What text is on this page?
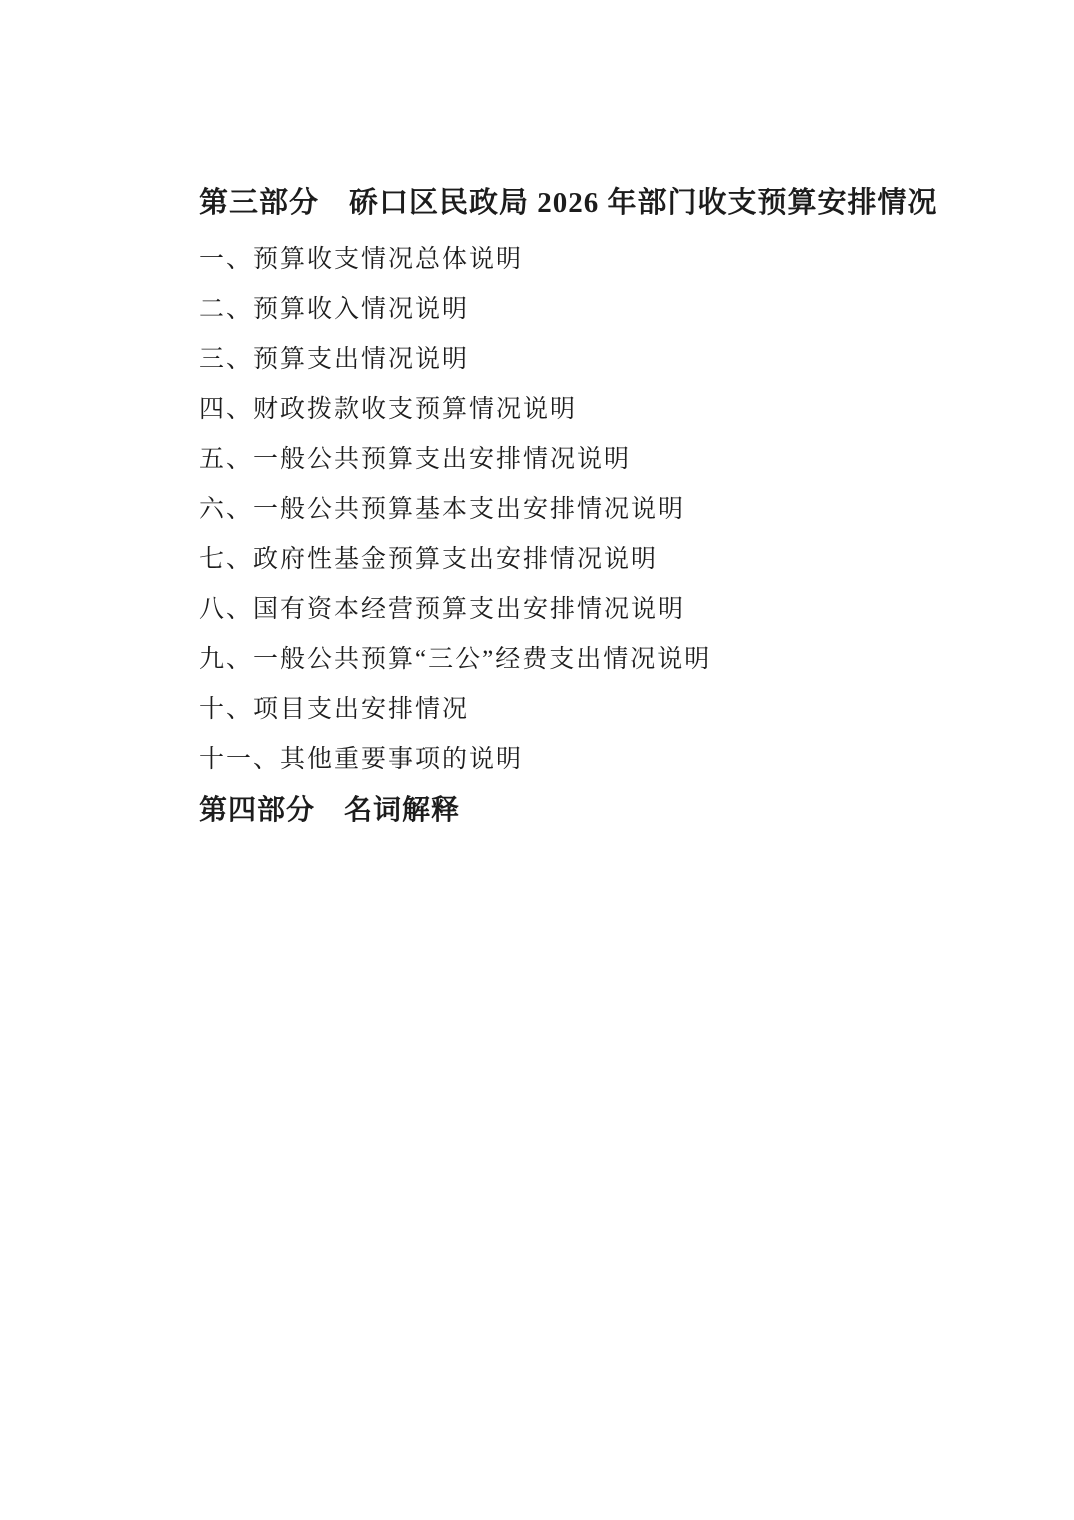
第三部分　硚口区民政局 2026 年部门收支预算安排情况
一、预算收支情况总体说明
二、预算收入情况说明
三、预算支出情况说明
四、财政拨款收支预算情况说明
五、一般公共预算支出安排情况说明
六、一般公共预算基本支出安排情况说明
七、政府性基金预算支出安排情况说明
八、国有资本经营预算支出安排情况说明
九、一般公共预算“三公”经费支出情况说明
十、项目支出安排情况
十一、其他重要事项的说明
第四部分　名词解释
